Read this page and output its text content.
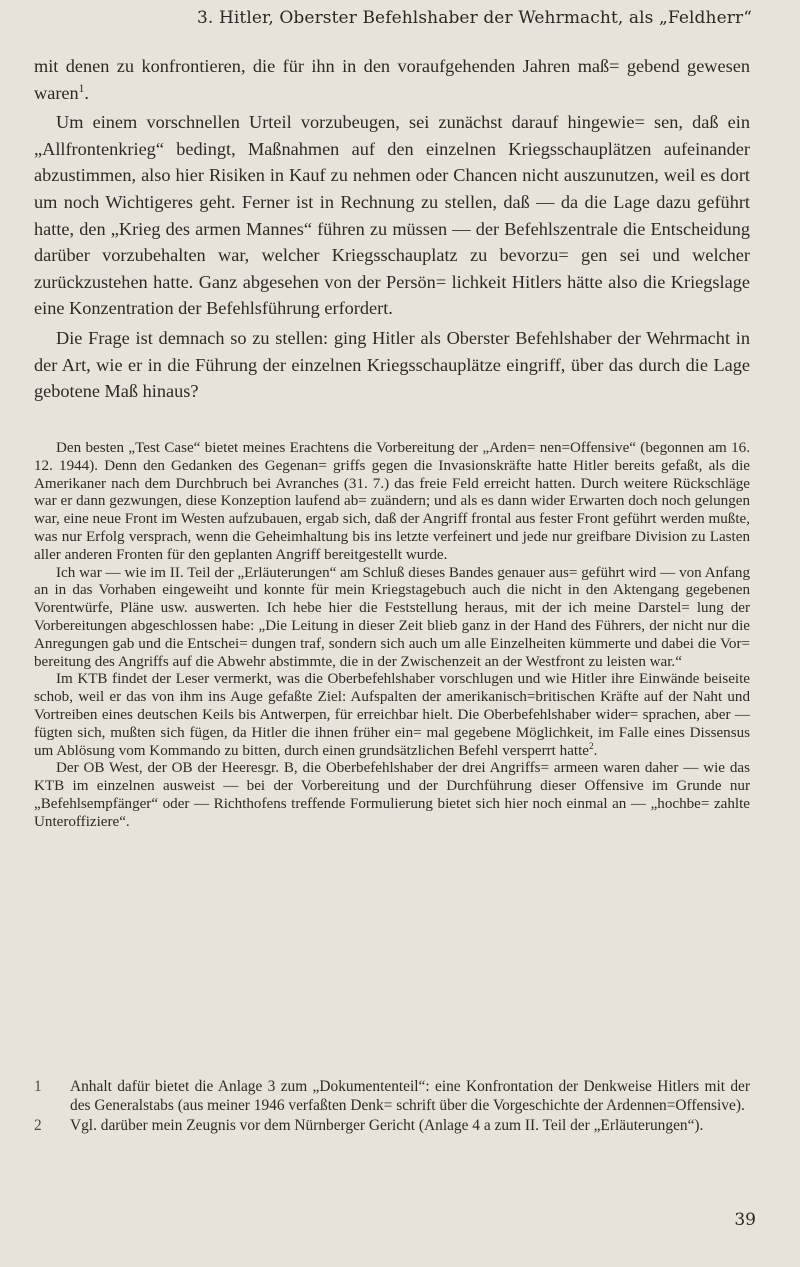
3. Hitler, Oberster Befehlshaber der Wehrmacht, als „Feldherr“

mit denen zu konfrontieren, die für ihn in den voraufgehenden Jahren maß= gebend gewesen waren$^1$.

Um einem vorschnellen Urteil vorzubeugen, sei zunächst darauf hingewie= sen, daß ein „Allfrontenkrieg“ bedingt, Maßnahmen auf den einzelnen Kriegsschauplätzen aufeinander abzustimmen, also hier Risiken in Kauf zu nehmen oder Chancen nicht auszunutzen, weil es dort um noch Wichtigeres geht. Ferner ist in Rechnung zu stellen, daß — da die Lage dazu geführt hatte, den „Krieg des armen Mannes“ führen zu müssen — der Befehlszentrale die Entscheidung darüber vorzubehalten war, welcher Kriegsschauplatz zu bevorzu= gen sei und welcher zurückzustehen hatte. Ganz abgesehen von der Persön= lichkeit Hitlers hätte also die Kriegslage eine Konzentration der Befehlsführung erfordert.

Die Frage ist demnach so zu stellen: ging Hitler als Oberster Befehlshaber der Wehrmacht in der Art, wie er in die Führung der einzelnen Kriegsschauplätze eingriff, über das durch die Lage gebotene Maß hinaus?

Den besten „Test Case“ bietet meines Erachtens die Vorbereitung der „Arden= nen=Offensive“ (begonnen am 16. 12. 1944). Denn den Gedanken des Gegenan= griffs gegen die Invasionskräfte hatte Hitler bereits gefaßt, als die Amerikaner nach dem Durchbruch bei Avranches (31. 7.) das freie Feld erreicht hatten. Durch weitere Rückschläge war er dann gezwungen, diese Konzeption laufend ab= zuändern; und als es dann wider Erwarten doch noch gelungen war, eine neue Front im Westen aufzubauen, ergab sich, daß der Angriff frontal aus fester Front geführt werden mußte, was nur Erfolg versprach, wenn die Geheimhaltung bis ins letzte verfeinert und jede nur greifbare Division zu Lasten aller anderen Fronten für den geplanten Angriff bereitgestellt wurde.

Ich war — wie im II. Teil der „Erläuterungen“ am Schluß dieses Bandes genauer aus= geführt wird — von Anfang an in das Vorhaben eingeweiht und konnte für mein Kriegstagebuch auch die nicht in den Aktengang gegebenen Vorentwürfe, Pläne usw. auswerten. Ich hebe hier die Feststellung heraus, mit der ich meine Darstel= lung der Vorbereitungen abgeschlossen habe: „Die Leitung in dieser Zeit blieb ganz in der Hand des Führers, der nicht nur die Anregungen gab und die Entschei= dungen traf, sondern sich auch um alle Einzelheiten kümmerte und dabei die Vor= bereitung des Angriffs auf die Abwehr abstimmte, die in der Zwischenzeit an der Westfront zu leisten war.“

Im KTB findet der Leser vermerkt, was die Oberbefehlshaber vorschlugen und wie Hitler ihre Einwände beiseite schob, weil er das von ihm ins Auge gefaßte Ziel: Aufspalten der amerikanisch=britischen Kräfte auf der Naht und Vortreiben eines deutschen Keils bis Antwerpen, für erreichbar hielt. Die Oberbefehlshaber wider= sprachen, aber — fügten sich, mußten sich fügen, da Hitler die ihnen früher ein= mal gegebene Möglichkeit, im Falle eines Dissensus um Ablösung vom Kommando zu bitten, durch einen grundsätzlichen Befehl versperrt hatte$^2$.

Der OB West, der OB der Heeresgr. B, die Oberbefehlshaber der drei Angriffs= armeen waren daher — wie das KTB im einzelnen ausweist — bei der Vorbereitung und der Durchführung dieser Offensive im Grunde nur „Befehlsempfänger“ oder — Richthofens treffende Formulierung bietet sich hier noch einmal an — „hochbe= zahlte Unteroffiziere“.

1	Anhalt dafür bietet die Anlage 3 zum „Dokumententeil“: eine Konfrontation der Denkweise Hitlers mit der des Generalstabs (aus meiner 1946 verfaßten Denk= schrift über die Vorgeschichte der Ardennen=Offensive).
2	Vgl. darüber mein Zeugnis vor dem Nürnberger Gericht (Anlage 4 a zum II. Teil der „Erläuterungen“).
39
